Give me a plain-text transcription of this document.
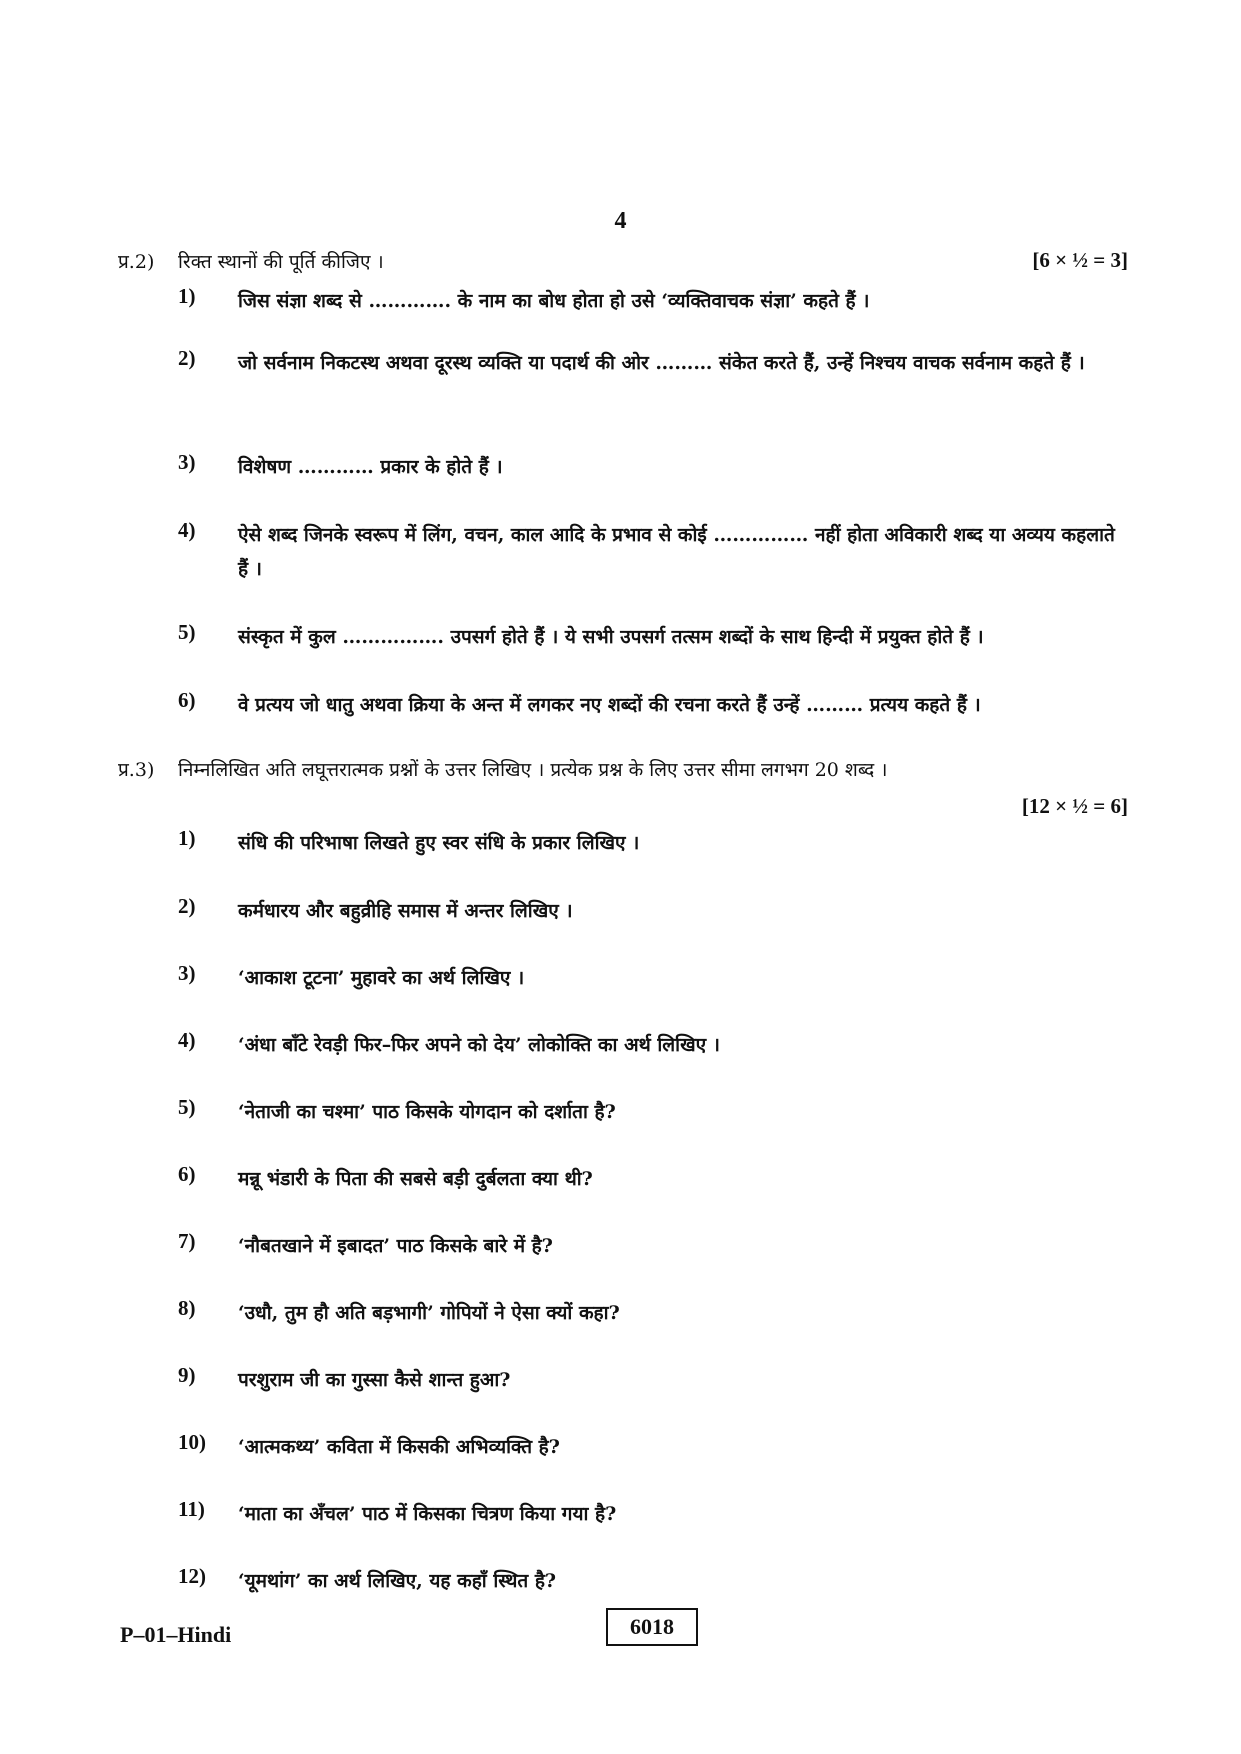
4
प्र.2) रिक्त स्थानों की पूर्ति कीजिए ।	[6 × ½ = 3]
1)	जिस संज्ञा शब्द से …………. के नाम का बोध होता हो उसे ‘व्यक्तिवाचक संज्ञा’ कहते हैं ।
2)	जो सर्वनाम निकटस्थ अथवा दूरस्थ व्यक्ति या पदार्थ की ओर ……… संकेत करते हैं, उन्हें निश्चय वाचक सर्वनाम कहते हैं ।
3)	विशेषण ………… प्रकार के होते हैं ।
4)	ऐसे शब्द जिनके स्वरूप में लिंग, वचन, काल आदि के प्रभाव से कोई …………… नहीं होता अविकारी शब्द या अव्यय कहलाते हैं ।
5)	संस्कृत में कुल ……………. उपसर्ग होते हैं । ये सभी उपसर्ग तत्सम शब्दों के साथ हिन्दी में प्रयुक्त होते हैं ।
6)	वे प्रत्यय जो धातु अथवा क्रिया के अन्त में लगकर नए शब्दों की रचना करते हैं उन्हें ……… प्रत्यय कहते हैं ।
प्र.3) निम्नलिखित अति लघूत्तरात्मक प्रश्नों के उत्तर लिखिए । प्रत्येक प्रश्न के लिए उत्तर सीमा लगभग 20 शब्द ।
[12 × ½ = 6]
1)	संधि की परिभाषा लिखते हुए स्वर संधि के प्रकार लिखिए ।
2)	कर्मधारय और बहुव्रीहि समास में अन्तर लिखिए ।
3)	‘आकाश टूटना’ मुहावरे का अर्थ लिखिए ।
4)	‘अंधा बाँटे रेवड़ी फिर–फिर अपने को देय’ लोकोक्ति का अर्थ लिखिए ।
5)	‘नेताजी का चश्मा’ पाठ किसके योगदान को दर्शाता है?
6)	मन्नू भंडारी के पिता की सबसे बड़ी दुर्बलता क्या थी?
7)	‘नौबतखाने में इबादत’ पाठ किसके बारे में है?
8)	‘उधौ, तुम हौ अति बड़भागी’ गोपियों ने ऐसा क्यों कहा?
9)	परशुराम जी का गुस्सा कैसे शान्त हुआ?
10)	‘आत्मकथ्य’ कविता में किसकी अभिव्यक्ति है?
11)	‘माता का अँचल’ पाठ में किसका चित्रण किया गया है?
12)	‘यूमथांग’ का अर्थ लिखिए, यह कहाँ स्थित है?
P–01–Hindi	6018
